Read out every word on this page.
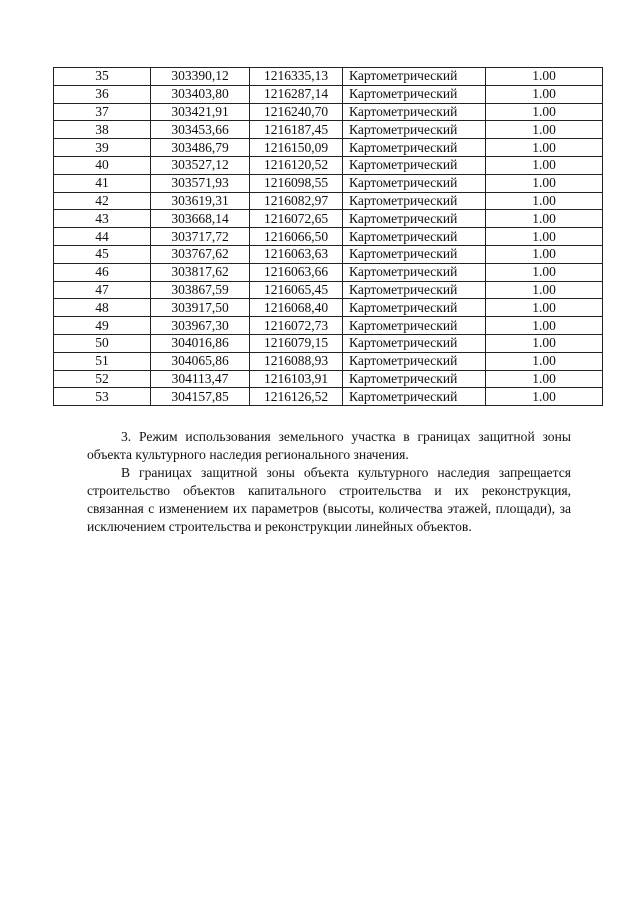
35	303390,12	1216335,13	Картометрический	1.00
36	303403,80	1216287,14	Картометрический	1.00
37	303421,91	1216240,70	Картометрический	1.00
38	303453,66	1216187,45	Картометрический	1.00
39	303486,79	1216150,09	Картометрический	1.00
40	303527,12	1216120,52	Картометрический	1.00
41	303571,93	1216098,55	Картометрический	1.00
42	303619,31	1216082,97	Картометрический	1.00
43	303668,14	1216072,65	Картометрический	1.00
44	303717,72	1216066,50	Картометрический	1.00
45	303767,62	1216063,63	Картометрический	1.00
46	303817,62	1216063,66	Картометрический	1.00
47	303867,59	1216065,45	Картометрический	1.00
48	303917,50	1216068,40	Картометрический	1.00
49	303967,30	1216072,73	Картометрический	1.00
50	304016,86	1216079,15	Картометрический	1.00
51	304065,86	1216088,93	Картометрический	1.00
52	304113,47	1216103,91	Картометрический	1.00
53	304157,85	1216126,52	Картометрический	1.00

3. Режим использования земельного участка в границах защитной зоны объекта культурного наследия регионального значения.

В границах защитной зоны объекта культурного наследия запрещается строительство объектов капитального строительства и их реконструкция, связанная с изменением их параметров (высоты, количества этажей, площади), за исключением строительства и реконструкции линейных объектов.
